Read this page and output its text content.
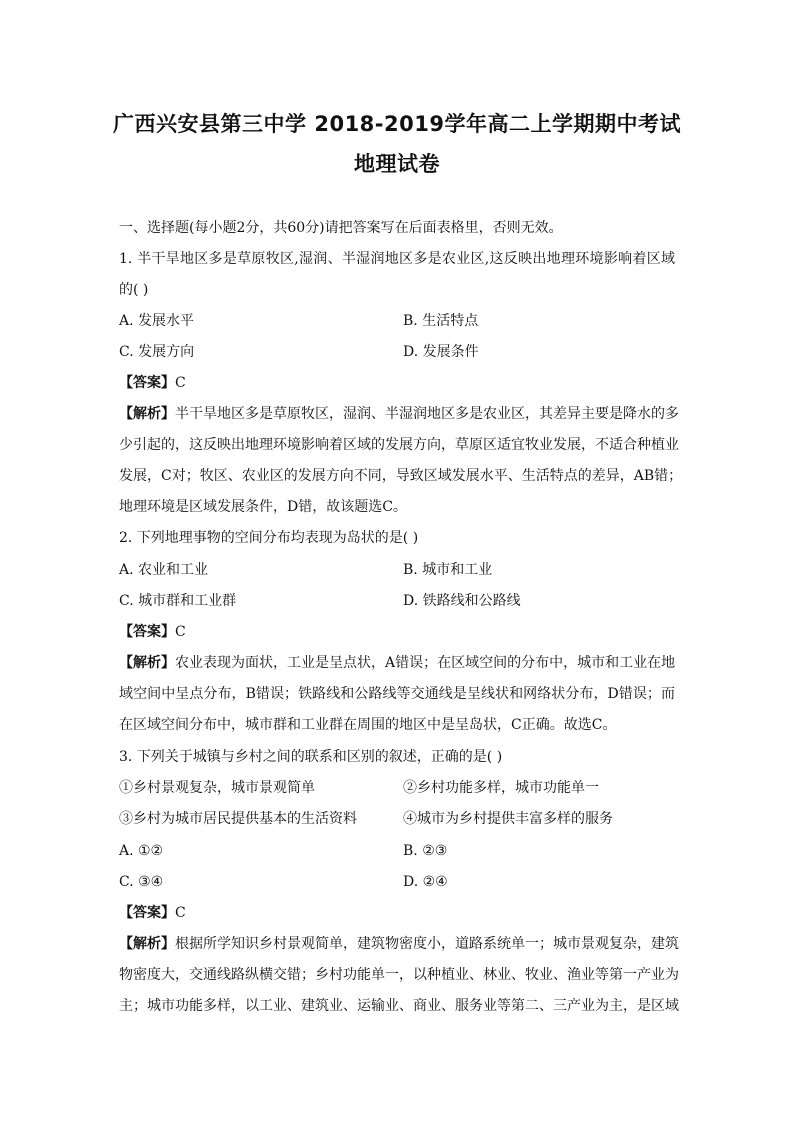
广西兴安县第三中学 2018-2019学年高二上学期期中考试
地理试卷
一、选择题(每小题2分，共60分)请把答案写在后面表格里，否则无效。
1. 半干旱地区多是草原牧区,湿润、半湿润地区多是农业区,这反映出地理环境影响着区域
的( )
A. 发展水平	B. 生活特点
C. 发展方向	D. 发展条件
【答案】C
【解析】半干旱地区多是草原牧区，湿润、半湿润地区多是农业区，其差异主要是降水的多
少引起的，这反映出地理环境影响着区域的发展方向，草原区适宜牧业发展，不适合种植业
发展，C对；牧区、农业区的发展方向不同，导致区域发展水平、生活特点的差异，AB错；
地理环境是区域发展条件，D错，故该题选C。
2. 下列地理事物的空间分布均表现为岛状的是( )
A. 农业和工业	B. 城市和工业
C. 城市群和工业群	D. 铁路线和公路线
【答案】C
【解析】农业表现为面状，工业是呈点状，A错误；在区域空间的分布中，城市和工业在地
域空间中呈点分布，B错误；铁路线和公路线等交通线是呈线状和网络状分布，D错误；而
在区域空间分布中，城市群和工业群在周围的地区中是呈岛状，C正确。故选C。
3. 下列关于城镇与乡村之间的联系和区别的叙述，正确的是( )
①乡村景观复杂，城市景观简单	②乡村功能多样，城市功能单一
③乡村为城市居民提供基本的生活资料	④城市为乡村提供丰富多样的服务
A. ①②	B. ②③
C. ③④	D. ②④
【答案】C
【解析】根据所学知识乡村景观简单，建筑物密度小，道路系统单一；城市景观复杂，建筑
物密度大，交通线路纵横交错；乡村功能单一，以种植业、林业、牧业、渔业等第一产业为
主；城市功能多样，以工业、建筑业、运输业、商业、服务业等第二、三产业为主，是区域
